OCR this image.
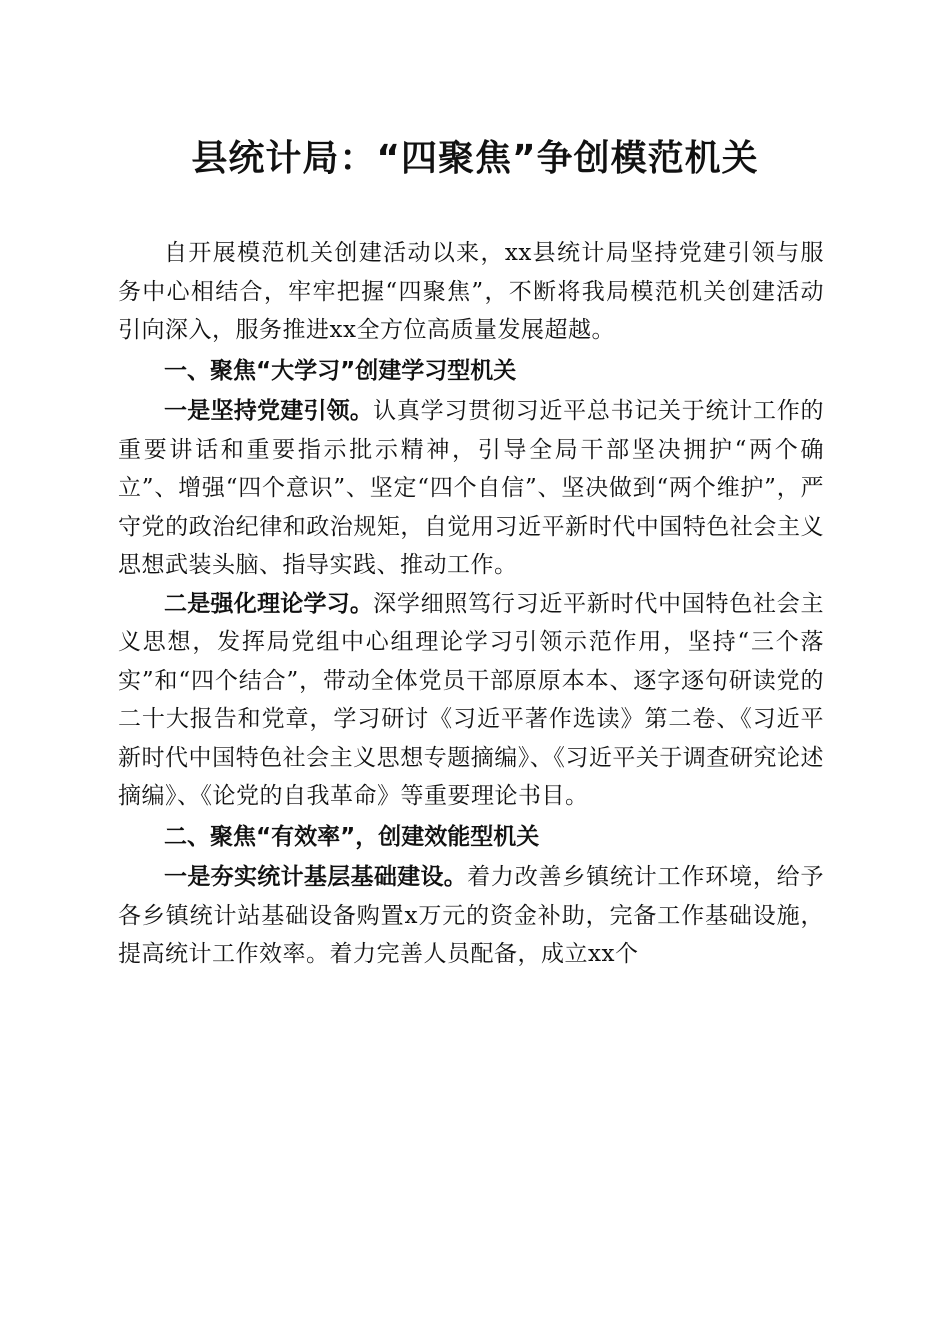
县统计局：“四聚焦”争创模范机关

自开展模范机关创建活动以来，xx县统计局坚持党建引领与服务中心相结合，牢牢把握“四聚焦”，不断将我局模范机关创建活动引向深入，服务推进xx全方位高质量发展超越。

一、聚焦“大学习”创建学习型机关

一是坚持党建引领。认真学习贯彻习近平总书记关于统计工作的重要讲话和重要指示批示精神，引导全局干部坚决拥护“两个确立”、增强“四个意识”、坚定“四个自信”、坚决做到“两个维护”，严守党的政治纪律和政治规矩，自觉用习近平新时代中国特色社会主义思想武装头脑、指导实践、推动工作。

二是强化理论学习。深学细照笃行习近平新时代中国特色社会主义思想，发挥局党组中心组理论学习引领示范作用，坚持“三个落实”和“四个结合”，带动全体党员干部原原本本、逐字逐句研读党的二十大报告和党章，学习研讨《习近平著作选读》第二卷、《习近平新时代中国特色社会主义思想专题摘编》、《习近平关于调查研究论述摘编》、《论党的自我革命》等重要理论书目。

二、聚焦“有效率”，创建效能型机关

一是夯实统计基层基础建设。着力改善乡镇统计工作环境，给予各乡镇统计站基础设备购置x万元的资金补助，完备工作基础设施，提高统计工作效率。着力完善人员配备，成立xx个
